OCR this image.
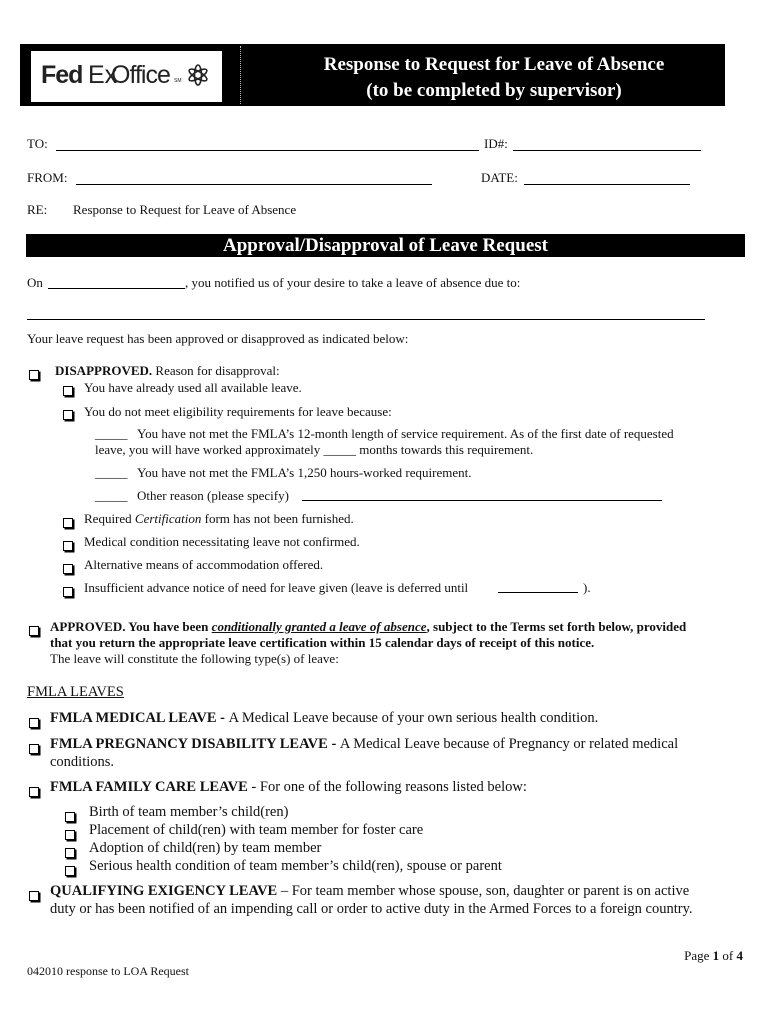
Fed Ex
Office SM
Response to Request for Leave of Absence
(to be completed by supervisor)
TO:	ID#:
FROM:	DATE:
RE: Response to Request for Leave of Absence
Approval/Disapproval of Leave Request
On	, you notified us of your desire to take a leave of absence due to:
Your leave request has been approved or disapproved as indicated below:
DISAPPROVED. Reason for disapproval:
You have already used all available leave.
You do not meet eligibility requirements for leave because:
_____ You have not met the FMLA’s 12-month length of service requirement. As of the first date of requested
leave, you will have worked approximately _____ months towards this requirement.
_____ You have not met the FMLA’s 1,250 hours-worked requirement.
_____ Other reason (please specify)
Required Certification form has not been furnished.
Medical condition necessitating leave not confirmed.
Alternative means of accommodation offered.
Insufficient advance notice of need for leave given (leave is deferred until	).
APPROVED. You have been conditionally granted a leave of absence, subject to the Terms set forth below, provided
that you return the appropriate leave certification within 15 calendar days of receipt of this notice.
The leave will constitute the following type(s) of leave:
FMLA LEAVES
FMLA MEDICAL LEAVE - A Medical Leave because of your own serious health condition.
FMLA PREGNANCY DISABILITY LEAVE - A Medical Leave because of Pregnancy or related medical
conditions.
FMLA FAMILY CARE LEAVE - For one of the following reasons listed below:
Birth of team member’s child(ren)
Placement of child(ren) with team member for foster care
Adoption of child(ren) by team member
Serious health condition of team member’s child(ren), spouse or parent
QUALIFYING EXIGENCY LEAVE – For team member whose spouse, son, daughter or parent is on active
duty or has been notified of an impending call or order to active duty in the Armed Forces to a foreign country.
Page 1 of 4
042010 response to LOA Request
